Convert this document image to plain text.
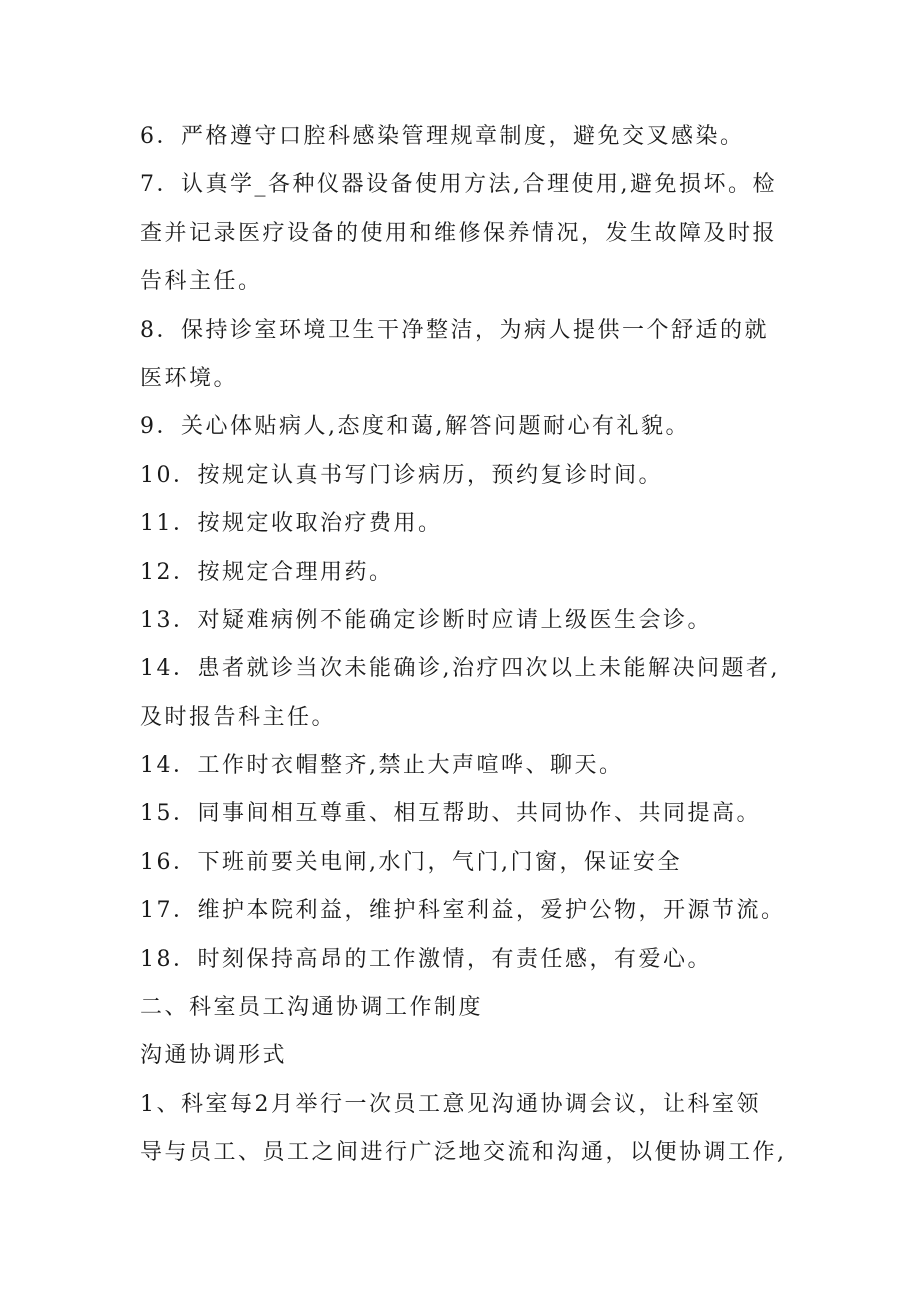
6．严格遵守口腔科感染管理规章制度，避免交叉感染。
7．认真学_各种仪器设备使用方法,合理使用,避免损坏。检
查并记录医疗设备的使用和维修保养情况，发生故障及时报
告科主任。
8．保持诊室环境卫生干净整洁，为病人提供一个舒适的就
医环境。
9．关心体贴病人,态度和蔼,解答问题耐心有礼貌。
10．按规定认真书写门诊病历，预约复诊时间。
11．按规定收取治疗费用。
12．按规定合理用药。
13．对疑难病例不能确定诊断时应请上级医生会诊。
14．患者就诊当次未能确诊,治疗四次以上未能解决问题者,
及时报告科主任。
14．工作时衣帽整齐,禁止大声喧哗、聊天。
15．同事间相互尊重、相互帮助、共同协作、共同提高。
16．下班前要关电闸,水门，气门,门窗，保证安全
17．维护本院利益，维护科室利益，爱护公物，开源节流。
18．时刻保持高昂的工作激情，有责任感，有爱心。
二、科室员工沟通协调工作制度
沟通协调形式
1、科室每2月举行一次员工意见沟通协调会议，让科室领
导与员工、员工之间进行广泛地交流和沟通，以便协调工作,
